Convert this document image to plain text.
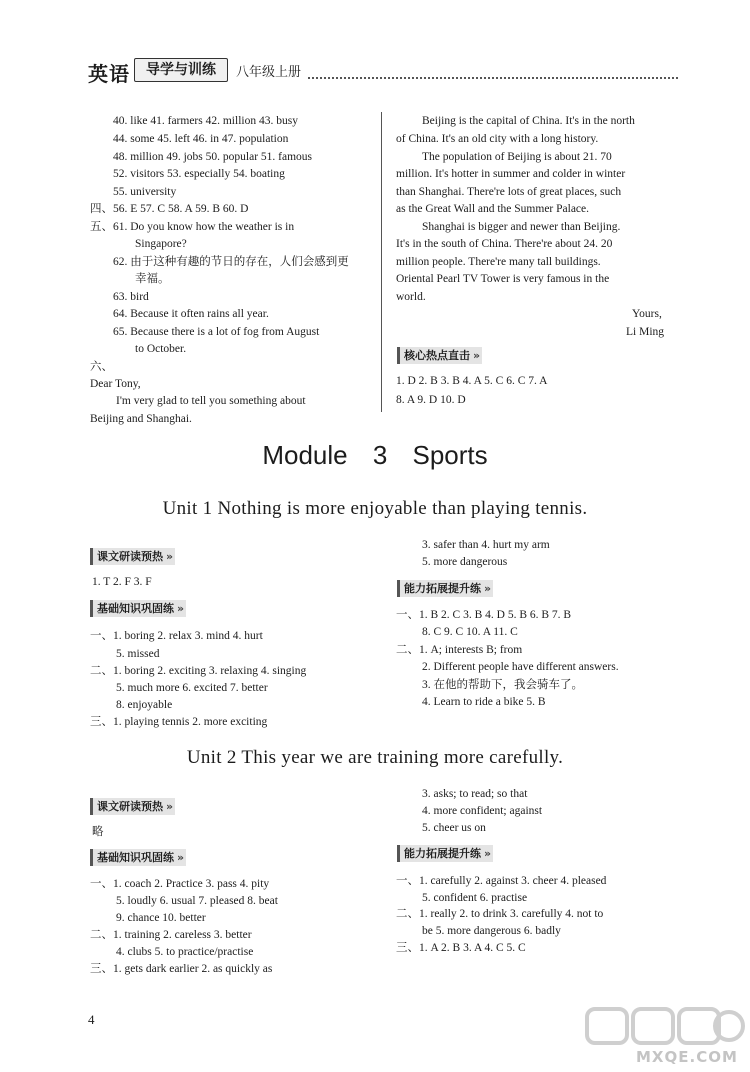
英语	导学与训练	八年级上册
40. like 41. farmers 42. million 43. busy
44. some 45. left 46. in 47. population
48. million 49. jobs 50. popular 51. famous
52. visitors 53. especially 54. boating
55. university
四、56. E 57. C 58. A 59. B 60. D
五、61. Do you know how the weather is in
Singapore?
62. 由于这种有趣的节日的存在，人们会感到更
幸福。
63. bird
64. Because it often rains all year.
65. Because there is a lot of fog from August
to October.
六、
Dear Tony,
I'm very glad to tell you something about
Beijing and Shanghai.
Beijing is the capital of China. It's in the north
of China. It's an old city with a long history.
The population of Beijing is about 21. 70
million. It's hotter in summer and colder in winter
than Shanghai. There're lots of great places, such
as the Great Wall and the Summer Palace.
Shanghai is bigger and newer than Beijing.
It's in the south of China. There're about 24. 20
million people. There're many tall buildings.
Oriental Pearl TV Tower is very famous in the
world.
Yours,
Li Ming
核心热点直击 ››
1. D 2. B 3. B 4. A 5. C 6. C 7. A
8. A 9. D 10. D
Module 3 Sports
Unit 1 Nothing is more enjoyable than playing tennis.
课文研读预热 ››
1. T 2. F 3. F
基础知识巩固练 ››
一、1. boring 2. relax 3. mind 4. hurt
5. missed
二、1. boring 2. exciting 3. relaxing 4. singing
5. much more 6. excited 7. better
8. enjoyable
三、1. playing tennis 2. more exciting
3. safer than 4. hurt my arm
5. more dangerous
能力拓展提升练 ››
一、1. B 2. C 3. B 4. D 5. B 6. B 7. B
8. C 9. C 10. A 11. C
二、1. A; interests B; from
2. Different people have different answers.
3. 在他的帮助下，我会骑车了。
4. Learn to ride a bike 5. B
Unit 2 This year we are training more carefully.
课文研读预热 ››
略
基础知识巩固练 ››
一、1. coach 2. Practice 3. pass 4. pity
5. loudly 6. usual 7. pleased 8. beat
9. chance 10. better
二、1. training 2. careless 3. better
4. clubs 5. to practice/practise
三、1. gets dark earlier 2. as quickly as
3. asks; to read; so that
4. more confident; against
5. cheer us on
能力拓展提升练 ››
一、1. carefully 2. against 3. cheer 4. pleased
5. confident 6. practise
二、1. really 2. to drink 3. carefully 4. not to
be 5. more dangerous 6. badly
三、1. A 2. B 3. A 4. C 5. C
4
MXQE.COM
